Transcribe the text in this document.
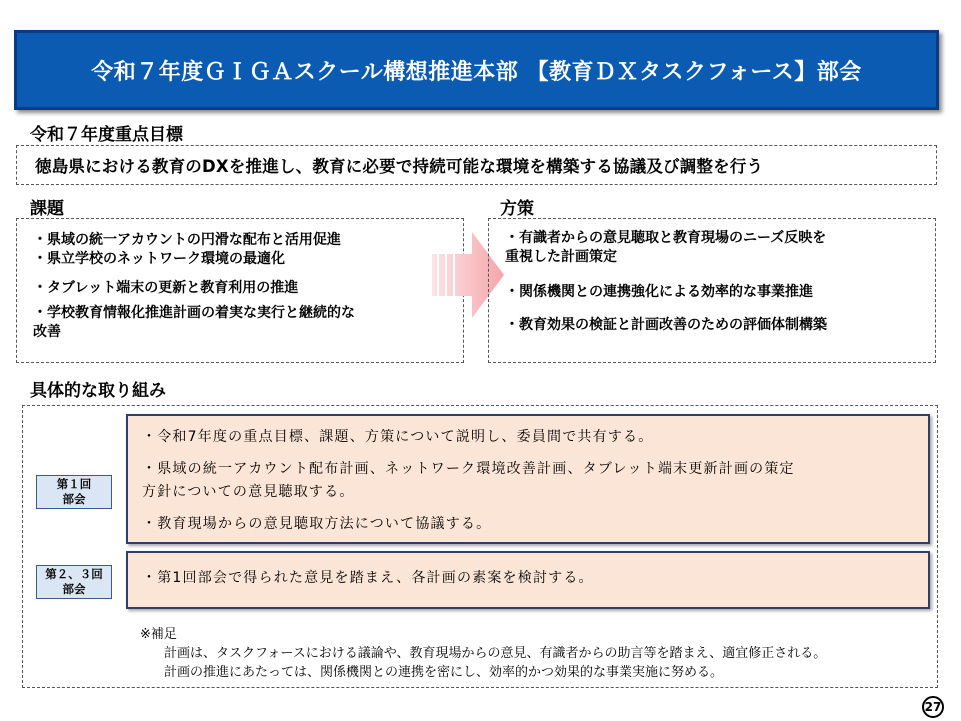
令和７年度ＧＩＧＡスクール構想推進本部 【教育ＤＸタスクフォース】部会
令和７年度重点目標
徳島県における教育のDXを推進し、教育に必要で持続可能な環境を構築する協議及び調整を行う
課題
・県域の統一アカウントの円滑な配布と活用促進
・県立学校のネットワーク環境の最適化
・タブレット端末の更新と教育利用の推進
・学校教育情報化推進計画の着実な実行と継続的な
改善
方策
・有識者からの意見聴取と教育現場のニーズ反映を
重視した計画策定
・関係機関との連携強化による効率的な事業推進
・教育効果の検証と計画改善のための評価体制構築
具体的な取り組み
第１回
部会
・令和7年度の重点目標、課題、方策について説明し、委員間で共有する。
・県域の統一アカウント配布計画、ネットワーク環境改善計画、タブレット端末更新計画の策定
方針についての意見聴取する。
・教育現場からの意見聴取方法について協議する。
第２、３回
部会
・第1回部会で得られた意見を踏まえ、各計画の素案を検討する。
※補足
計画は、タスクフォースにおける議論や、教育現場からの意見、有識者からの助言等を踏まえ、適宜修正される。
計画の推進にあたっては、関係機関との連携を密にし、効率的かつ効果的な事業実施に努める。
27
